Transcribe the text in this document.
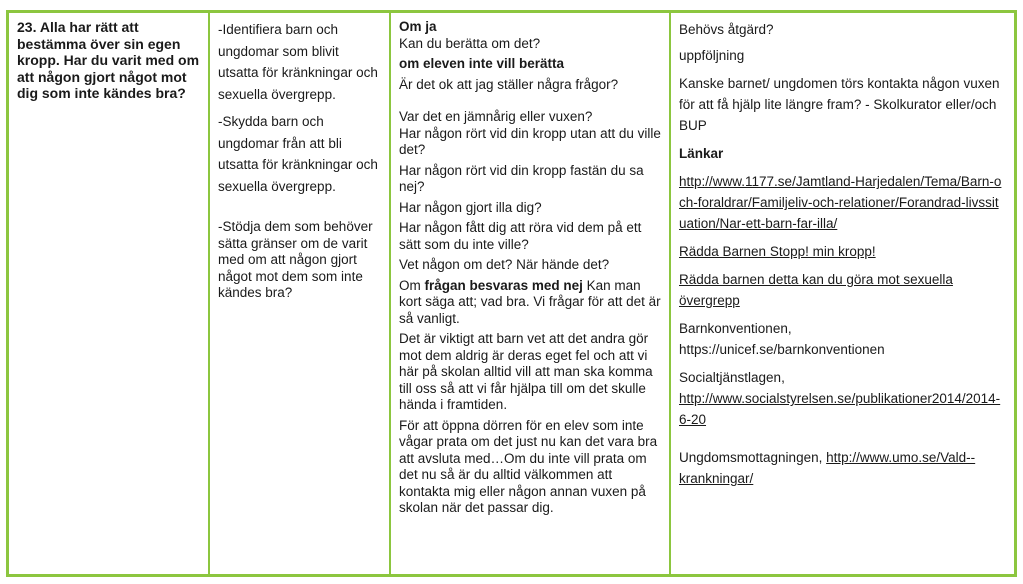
23. Alla har rätt att bestämma över sin egen kropp. Har du varit med om att någon gjort något mot dig som inte kändes bra?

-Identifiera barn och ungdomar som blivit utsatta för kränkningar och sexuella övergrepp.

-Skydda barn och ungdomar från att bli utsatta för kränkningar och sexuella övergrepp.

-Stödja dem som behöver sätta gränser om de varit med om att någon gjort något mot dem som inte kändes bra?

Om ja

Kan du berätta om det?

om eleven inte vill berätta

Är det ok att jag ställer några frågor?

Var det en jämnårig eller vuxen?

Har någon rört vid din kropp utan att du ville det?

Har någon rört vid din kropp fastän du sa nej?

Har någon gjort illa dig?

Har någon fått dig att röra vid dem på ett sätt som du inte ville?

Vet någon om det? När hände det?

Om frågan besvaras med nej Kan man kort säga att; vad bra. Vi frågar för att det är så vanligt.

Det är viktigt att barn vet att det andra gör mot dem aldrig är deras eget fel och att vi här på skolan alltid vill att man ska komma till oss så att vi får hjälpa till om det skulle hända i framtiden.

För att öppna dörren för en elev som inte vågar prata om det just nu kan det vara bra att avsluta med…Om du inte vill prata om det nu så är du alltid välkommen att kontakta mig eller någon annan vuxen på skolan när det passar dig.

Behövs åtgärd?

uppföljning

Kanske barnet/ ungdomen törs kontakta någon vuxen för att få hjälp lite längre fram? - Skolkurator eller/och BUP

Länkar

http://www.1177.se/Jamtland-Harjedalen/Tema/Barn-och-foraldrar/Familjeliv-och-relationer/Forandrad-livssituation/Nar-ett-barn-far-illa/

Rädda Barnen Stopp! min kropp!

Rädda barnen detta kan du göra mot sexuella övergrepp

Barnkonventionen,
https://unicef.se/barnkonventionen

Socialtjänstlagen,
http://www.socialstyrelsen.se/publikationer2014/2014-6-20

Ungdomsmottagningen, http://www.umo.se/Vald--krankningar/
